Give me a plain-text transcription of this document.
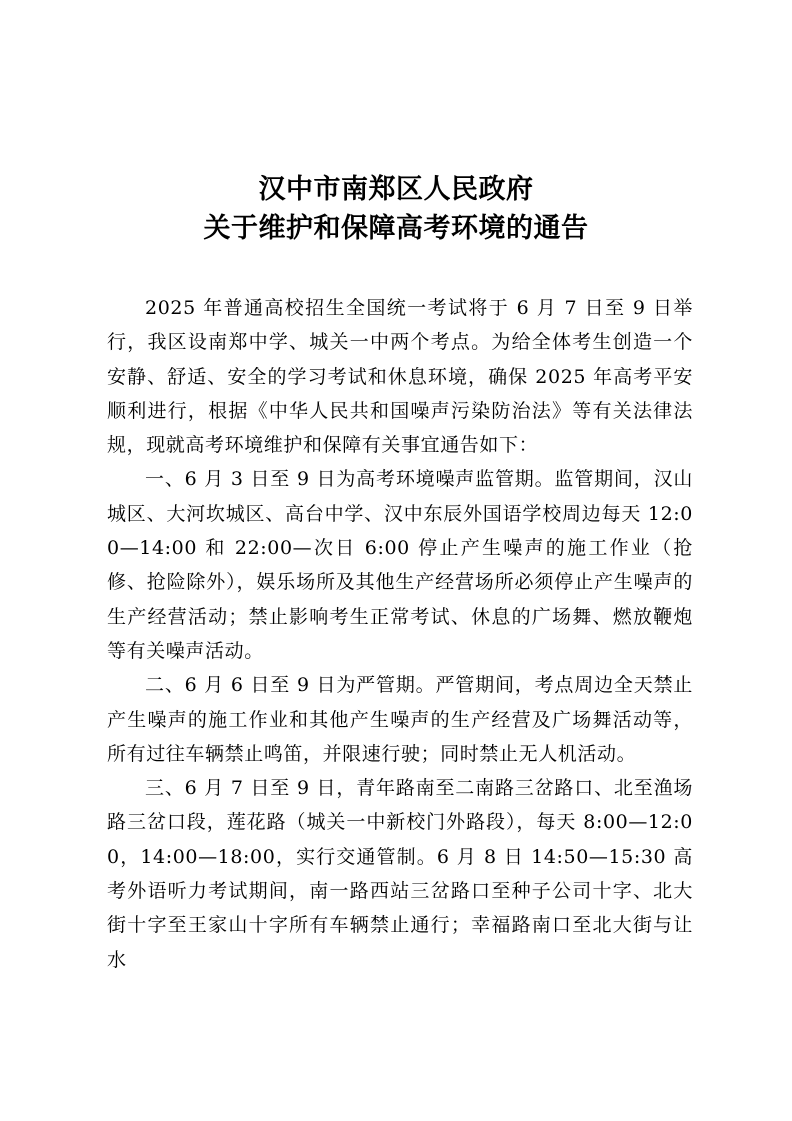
汉中市南郑区人民政府
关于维护和保障高考环境的通告

2025 年普通高校招生全国统一考试将于 6 月 7 日至 9 日举行，我区设南郑中学、城关一中两个考点。为给全体考生创造一个安静、舒适、安全的学习考试和休息环境，确保 2025 年高考平安顺利进行，根据《中华人民共和国噪声污染防治法》等有关法律法规，现就高考环境维护和保障有关事宜通告如下：

一、6 月 3 日至 9 日为高考环境噪声监管期。监管期间，汉山城区、大河坎城区、高台中学、汉中东辰外国语学校周边每天 12:00—14:00 和 22:00—次日 6:00 停止产生噪声的施工作业（抢修、抢险除外），娱乐场所及其他生产经营场所必须停止产生噪声的生产经营活动；禁止影响考生正常考试、休息的广场舞、燃放鞭炮等有关噪声活动。

二、6 月 6 日至 9 日为严管期。严管期间，考点周边全天禁止产生噪声的施工作业和其他产生噪声的生产经营及广场舞活动等，所有过往车辆禁止鸣笛，并限速行驶；同时禁止无人机活动。

三、6 月 7 日至 9 日，青年路南至二南路三岔路口、北至渔场路三岔口段，莲花路（城关一中新校门外路段），每天 8:00—12:00，14:00—18:00，实行交通管制。6 月 8 日 14:50—15:30 高考外语听力考试期间，南一路西站三岔路口至种子公司十字、北大街十字至王家山十字所有车辆禁止通行；幸福路南口至北大街与让水
